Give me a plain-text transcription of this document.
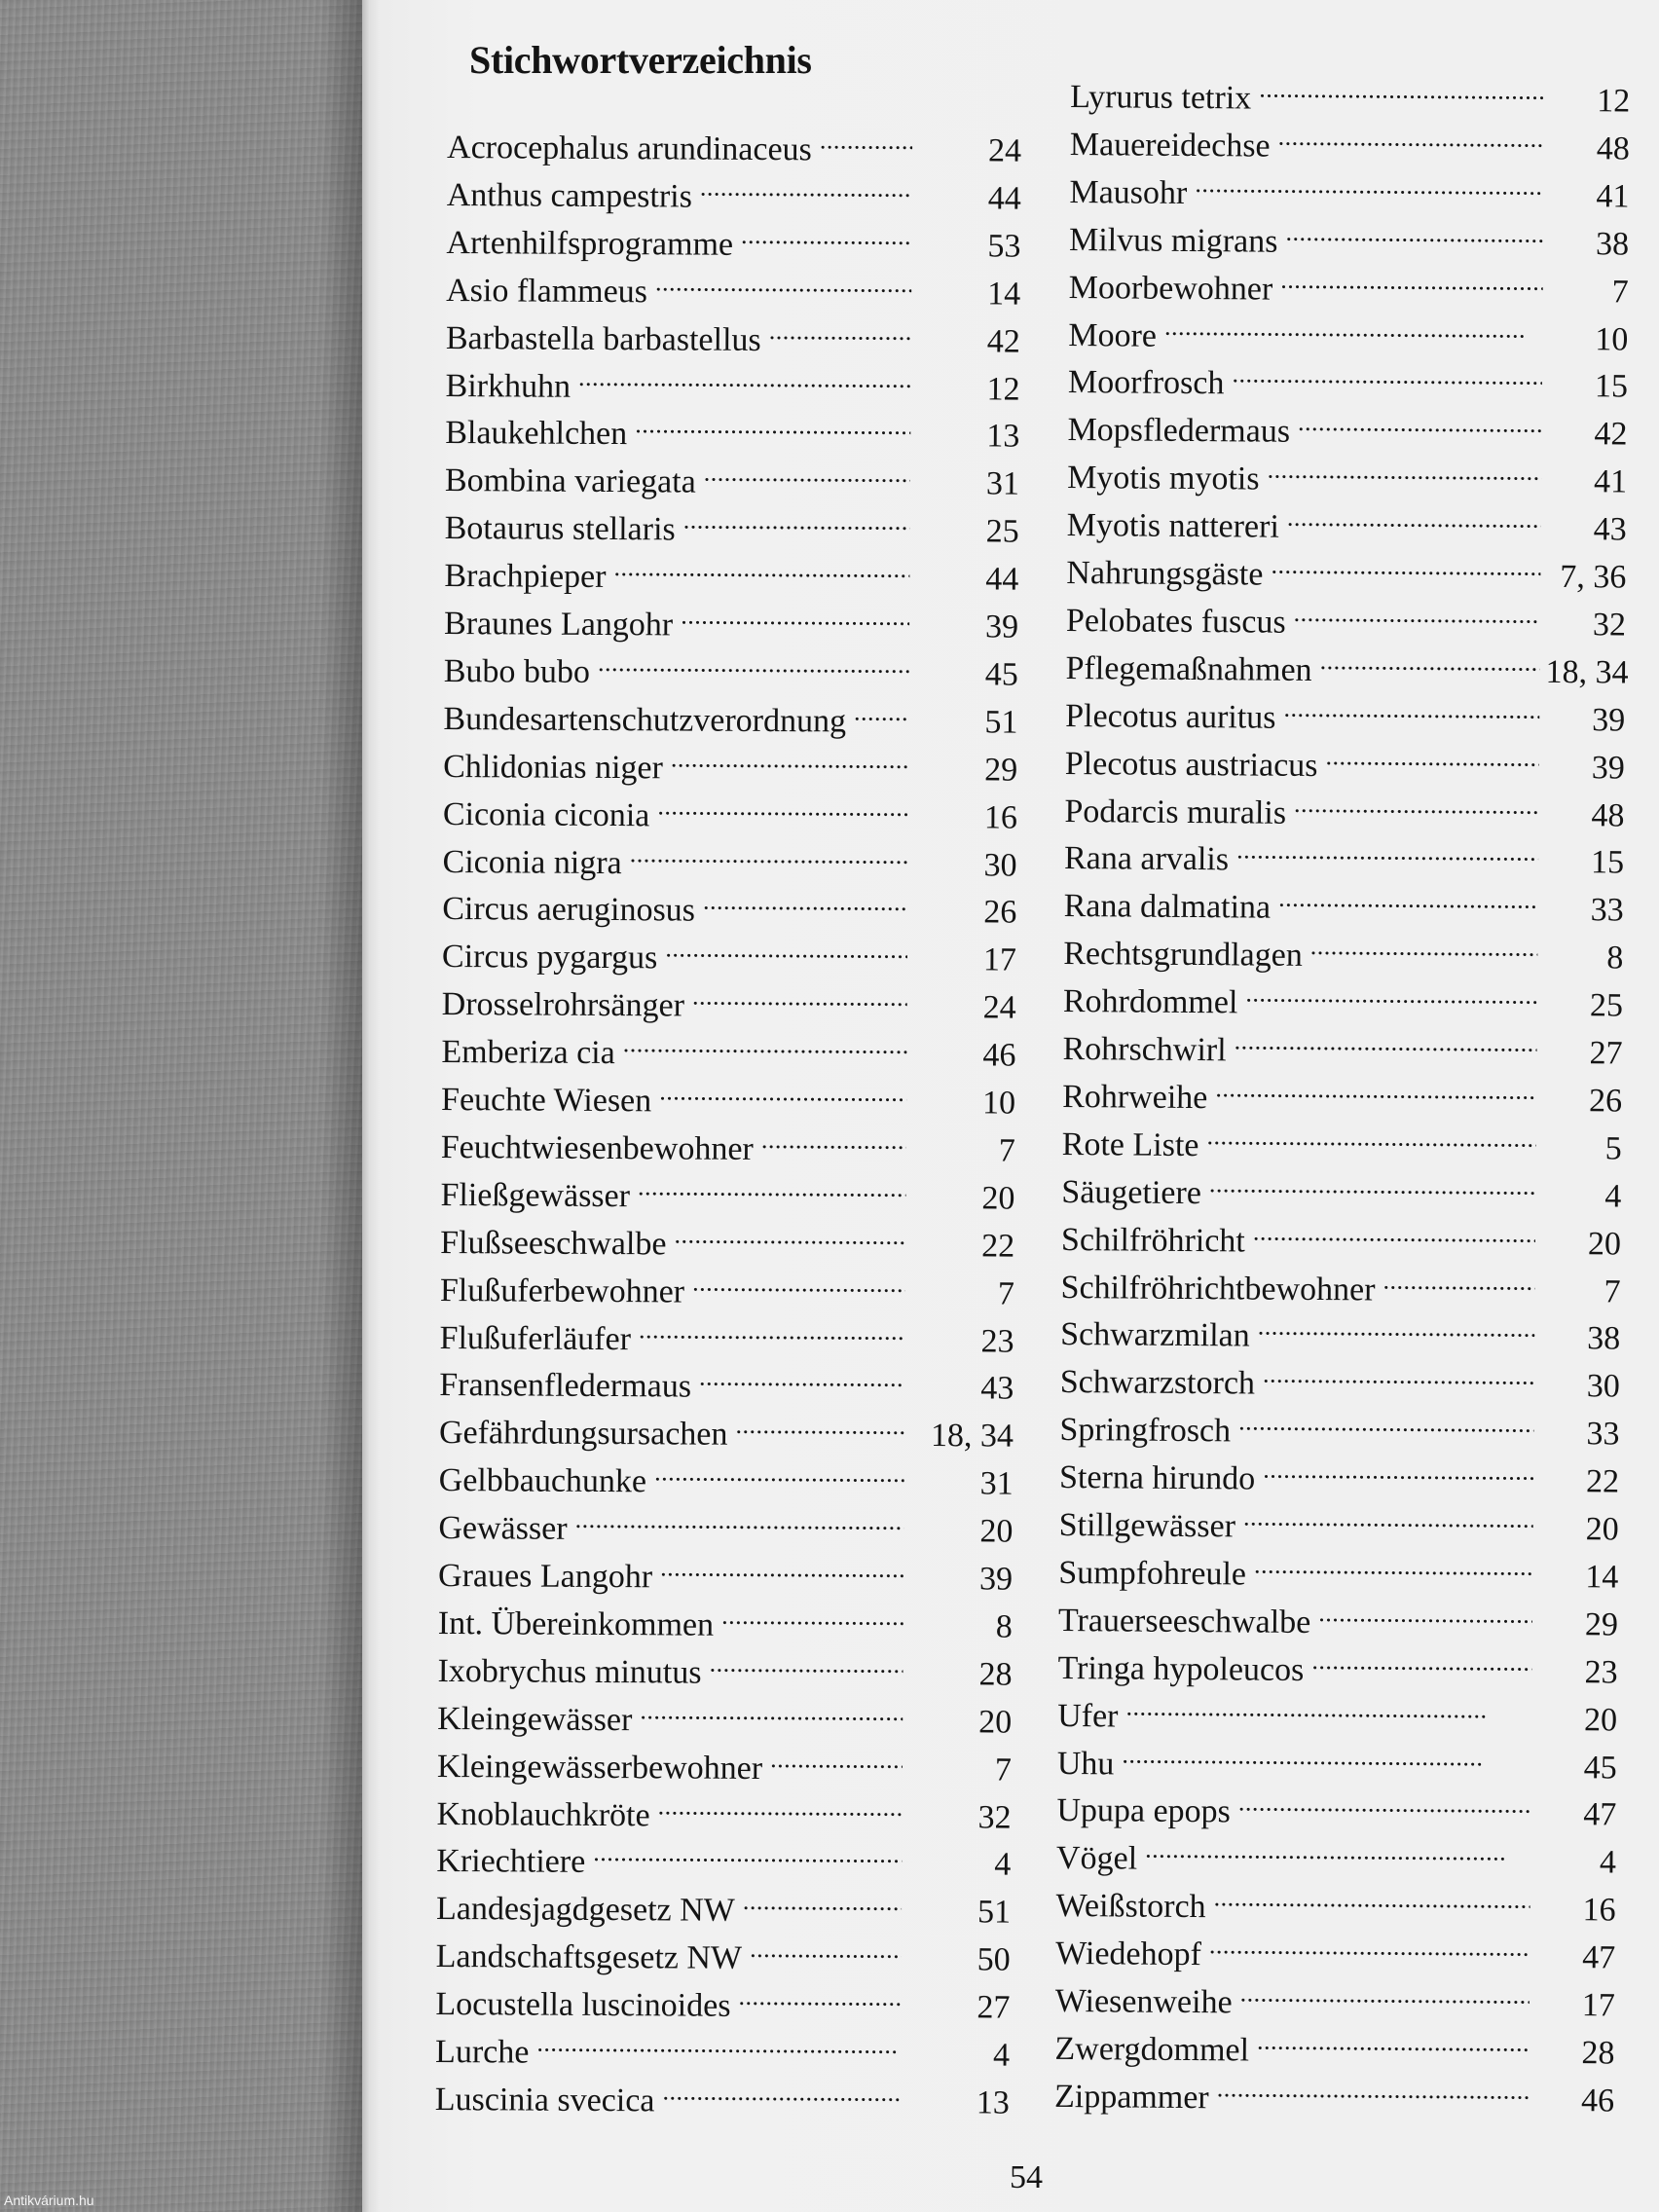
Stichwortverzeichnis
Acrocephalus arundinaceus . . .	24
Anthus campestris . . .	44
Artenhilfsprogramme . . .	53
Asio flammeus . . .	14
Barbastella barbastellus . . .	42
Birkhuhn . . .	12
Blaukehlchen . . .	13
Bombina variegata . . .	31
Botaurus stellaris . . .	25
Brachpieper . . .	44
Braunes Langohr . . .	39
Bubo bubo . . .	45
Bundesartenschutzverordnung . . .	51
Chlidonias niger . . .	29
Ciconia ciconia . . .	16
Ciconia nigra . . .	30
Circus aeruginosus . . .	26
Circus pygargus . . .	17
Drosselrohrsänger . . .	24
Emberiza cia . . .	46
Feuchte Wiesen . . .	10
Feuchtwiesenbewohner . . .	7
Fließgewässer . . .	20
Flußseeschwalbe . . .	22
Flußuferbewohner . . .	7
Flußuferläufer . . .	23
Fransenfledermaus . . .	43
Gefährdungsursachen . . .	18, 34
Gelbbauchunke . . .	31
Gewässer . . .	20
Graues Langohr . . .	39
Int. Übereinkommen . . .	8
Ixobrychus minutus . . .	28
Kleingewässer . . .	20
Kleingewässerbewohner . . .	7
Knoblauchkröte . . .	32
Kriechtiere . . .	4
Landesjagdgesetz NW . . .	51
Landschaftsgesetz NW . . .	50
Locustella luscinoides . . .	27
Lurche . . .	4
Luscinia svecica . . .	13
Lyrurus tetrix . . .	12
Mauereidechse . . .	48
Mausohr . . .	41
Milvus migrans . . .	38
Moorbewohner . . .	7
Moore . . .	10
Moorfrosch . . .	15
Mopsfledermaus . . .	42
Myotis myotis . . .	41
Myotis nattereri . . .	43
Nahrungsgäste . . .	7, 36
Pelobates fuscus . . .	32
Pflegemaßnahmen . . .	18, 34
Plecotus auritus . . .	39
Plecotus austriacus . . .	39
Podarcis muralis . . .	48
Rana arvalis . . .	15
Rana dalmatina . . .	33
Rechtsgrundlagen . . .	8
Rohrdommel . . .	25
Rohrschwirl . . .	27
Rohrweihe . . .	26
Rote Liste . . .	5
Säugetiere . . .	4
Schilfröhricht . . .	20
Schilfröhrichtbewohner . . .	7
Schwarzmilan . . .	38
Schwarzstorch . . .	30
Springfrosch . . .	33
Sterna hirundo . . .	22
Stillgewässer . . .	20
Sumpfohreule . . .	14
Trauerseeschwalbe . . .	29
Tringa hypoleucos . . .	23
Ufer . . .	20
Uhu . . .	45
Upupa epops . . .	47
Vögel . . .	4
Weißstorch . . .	16
Wiedehopf . . .	47
Wiesenweihe . . .	17
Zwergdommel . . .	28
Zippammer . . .	46
54
Antikvárium.hu
